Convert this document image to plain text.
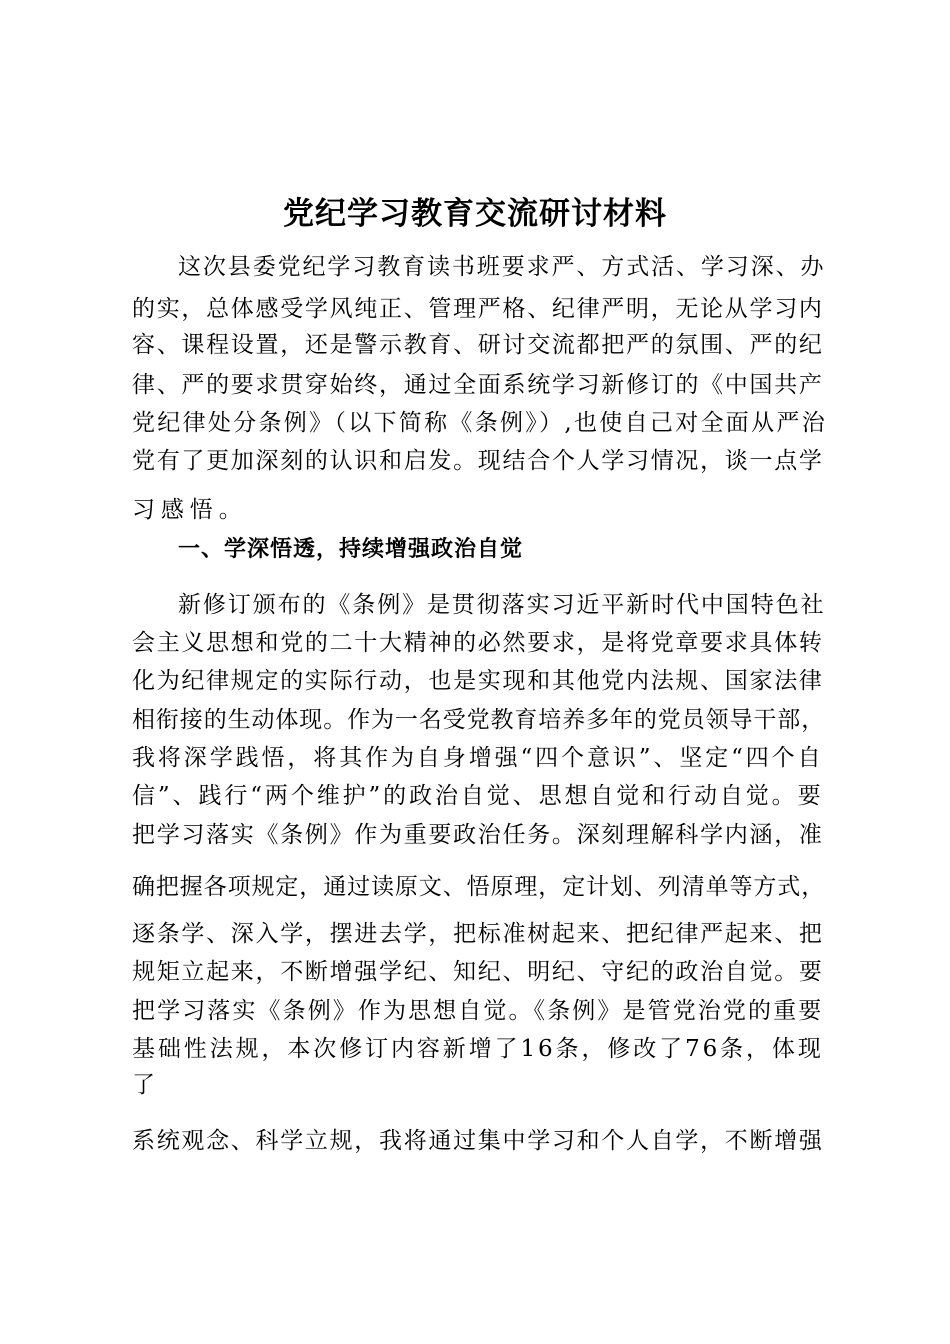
党纪学习教育交流研讨材料
这次县委党纪学习教育读书班要求严、方式活、学习深、办
的实，总体感受学风纯正、管理严格、纪律严明，无论从学习内
容、课程设置，还是警示教育、研讨交流都把严的氛围、严的纪
律、严的要求贯穿始终，通过全面系统学习新修订的《中国共产
党纪律处分条例》（以下简称《条例》）,也使自己对全面从严治
党有了更加深刻的认识和启发。现结合个人学习情况，谈一点学
习感悟。
一、学深悟透，持续增强政治自觉
新修订颁布的《条例》是贯彻落实习近平新时代中国特色社
会主义思想和党的二十大精神的必然要求，是将党章要求具体转
化为纪律规定的实际行动，也是实现和其他党内法规、国家法律
相衔接的生动体现。作为一名受党教育培养多年的党员领导干部，
我将深学践悟，将其作为自身增强“四个意识”、坚定“四个自
信”、践行“两个维护”的政治自觉、思想自觉和行动自觉。要
把学习落实《条例》作为重要政治任务。深刻理解科学内涵，准
确把握各项规定，通过读原文、悟原理，定计划、列清单等方式，
逐条学、深入学，摆进去学，把标准树起来、把纪律严起来、把
规矩立起来，不断增强学纪、知纪、明纪、守纪的政治自觉。要
把学习落实《条例》作为思想自觉。《条例》是管党治党的重要
基础性法规，本次修订内容新增了16条，修改了76条，体现
了
系统观念、科学立规，我将通过集中学习和个人自学，不断增强
